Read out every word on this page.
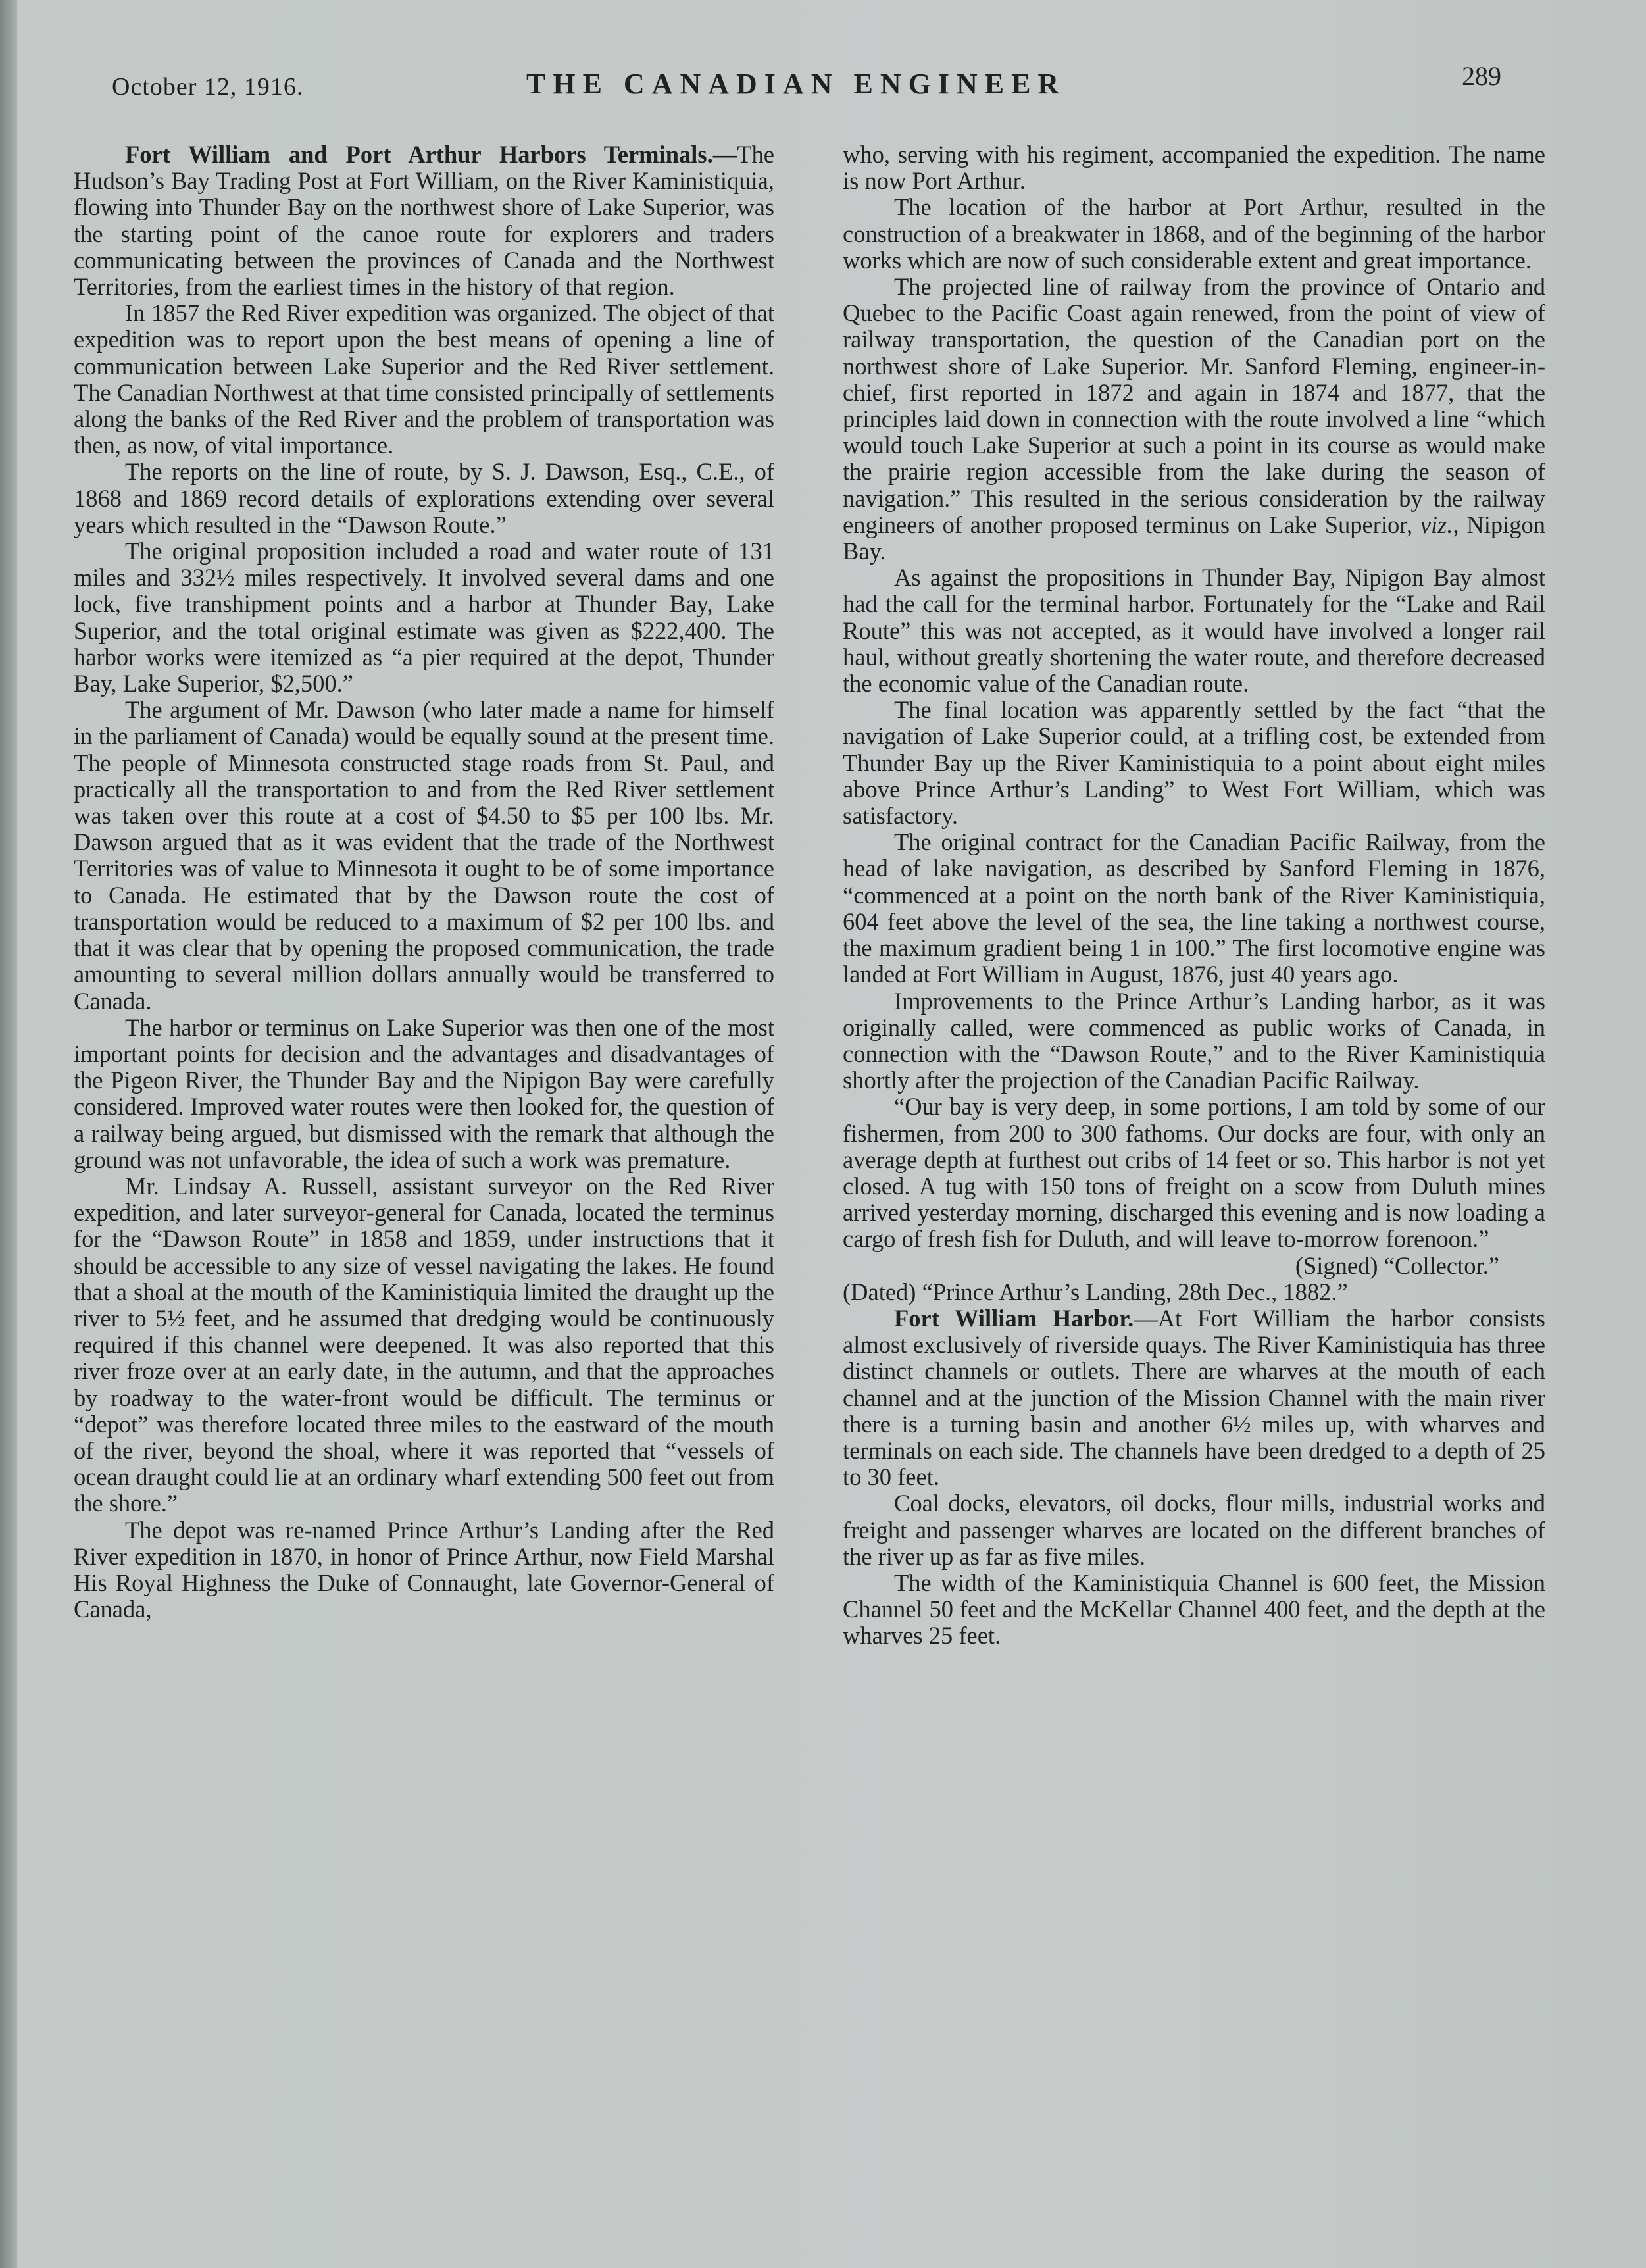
October 12, 1916.	THE CANADIAN ENGINEER	289

Fort William and Port Arthur Harbors Terminals.—The Hudson’s Bay Trading Post at Fort William, on the River Kaministiquia, flowing into Thunder Bay on the northwest shore of Lake Superior, was the starting point of the canoe route for explorers and traders communicating between the provinces of Canada and the Northwest Territories, from the earliest times in the history of that region.

In 1857 the Red River expedition was organized. The object of that expedition was to report upon the best means of opening a line of communication between Lake Superior and the Red River settlement. The Canadian Northwest at that time consisted principally of settlements along the banks of the Red River and the problem of transportation was then, as now, of vital importance.

The reports on the line of route, by S. J. Dawson, Esq., C.E., of 1868 and 1869 record details of explorations extending over several years which resulted in the “Dawson Route.”

The original proposition included a road and water route of 131 miles and 332½ miles respectively. It involved several dams and one lock, five transhipment points and a harbor at Thunder Bay, Lake Superior, and the total original estimate was given as $222,400. The harbor works were itemized as “a pier required at the depot, Thunder Bay, Lake Superior, $2,500.”

The argument of Mr. Dawson (who later made a name for himself in the parliament of Canada) would be equally sound at the present time. The people of Minnesota constructed stage roads from St. Paul, and practically all the transportation to and from the Red River settlement was taken over this route at a cost of $4.50 to $5 per 100 lbs. Mr. Dawson argued that as it was evident that the trade of the Northwest Territories was of value to Minnesota it ought to be of some importance to Canada. He estimated that by the Dawson route the cost of transportation would be reduced to a maximum of $2 per 100 lbs. and that it was clear that by opening the proposed communication, the trade amounting to several million dollars annually would be transferred to Canada.

The harbor or terminus on Lake Superior was then one of the most important points for decision and the advantages and disadvantages of the Pigeon River, the Thunder Bay and the Nipigon Bay were carefully considered. Improved water routes were then looked for, the question of a railway being argued, but dismissed with the remark that although the ground was not unfavorable, the idea of such a work was premature.

Mr. Lindsay A. Russell, assistant surveyor on the Red River expedition, and later surveyor-general for Canada, located the terminus for the “Dawson Route” in 1858 and 1859, under instructions that it should be accessible to any size of vessel navigating the lakes. He found that a shoal at the mouth of the Kaministiquia limited the draught up the river to 5½ feet, and he assumed that dredging would be continuously required if this channel were deepened. It was also reported that this river froze over at an early date, in the autumn, and that the approaches by roadway to the water-front would be difficult. The terminus or “depot” was therefore located three miles to the eastward of the mouth of the river, beyond the shoal, where it was reported that “vessels of ocean draught could lie at an ordinary wharf extending 500 feet out from the shore.”

The depot was re-named Prince Arthur’s Landing after the Red River expedition in 1870, in honor of Prince Arthur, now Field Marshal His Royal Highness the Duke of Connaught, late Governor-General of Canada,

who, serving with his regiment, accompanied the expedition. The name is now Port Arthur.

The location of the harbor at Port Arthur, resulted in the construction of a breakwater in 1868, and of the beginning of the harbor works which are now of such considerable extent and great importance.

The projected line of railway from the province of Ontario and Quebec to the Pacific Coast again renewed, from the point of view of railway transportation, the question of the Canadian port on the northwest shore of Lake Superior. Mr. Sanford Fleming, engineer-in-chief, first reported in 1872 and again in 1874 and 1877, that the principles laid down in connection with the route involved a line “which would touch Lake Superior at such a point in its course as would make the prairie region accessible from the lake during the season of navigation.” This resulted in the serious consideration by the railway engineers of another proposed terminus on Lake Superior, viz., Nipigon Bay.

As against the propositions in Thunder Bay, Nipigon Bay almost had the call for the terminal harbor. Fortunately for the “Lake and Rail Route” this was not accepted, as it would have involved a longer rail haul, without greatly shortening the water route, and therefore decreased the economic value of the Canadian route.

The final location was apparently settled by the fact “that the navigation of Lake Superior could, at a trifling cost, be extended from Thunder Bay up the River Kaministiquia to a point about eight miles above Prince Arthur’s Landing” to West Fort William, which was satisfactory.

The original contract for the Canadian Pacific Railway, from the head of lake navigation, as described by Sanford Fleming in 1876, “commenced at a point on the north bank of the River Kaministiquia, 604 feet above the level of the sea, the line taking a northwest course, the maximum gradient being 1 in 100.” The first locomotive engine was landed at Fort William in August, 1876, just 40 years ago.

Improvements to the Prince Arthur’s Landing harbor, as it was originally called, were commenced as public works of Canada, in connection with the “Dawson Route,” and to the River Kaministiquia shortly after the projection of the Canadian Pacific Railway.

“Our bay is very deep, in some portions, I am told by some of our fishermen, from 200 to 300 fathoms. Our docks are four, with only an average depth at furthest out cribs of 14 feet or so. This harbor is not yet closed. A tug with 150 tons of freight on a scow from Duluth mines arrived yesterday morning, discharged this evening and is now loading a cargo of fresh fish for Duluth, and will leave to-morrow forenoon.”

(Signed) “Collector.”

(Dated) “Prince Arthur’s Landing, 28th Dec., 1882.”

Fort William Harbor.—At Fort William the harbor consists almost exclusively of riverside quays. The River Kaministiquia has three distinct channels or outlets. There are wharves at the mouth of each channel and at the junction of the Mission Channel with the main river there is a turning basin and another 6½ miles up, with wharves and terminals on each side. The channels have been dredged to a depth of 25 to 30 feet.

Coal docks, elevators, oil docks, flour mills, industrial works and freight and passenger wharves are located on the different branches of the river up as far as five miles.

The width of the Kaministiquia Channel is 600 feet, the Mission Channel 50 feet and the McKellar Channel 400 feet, and the depth at the wharves 25 feet.
